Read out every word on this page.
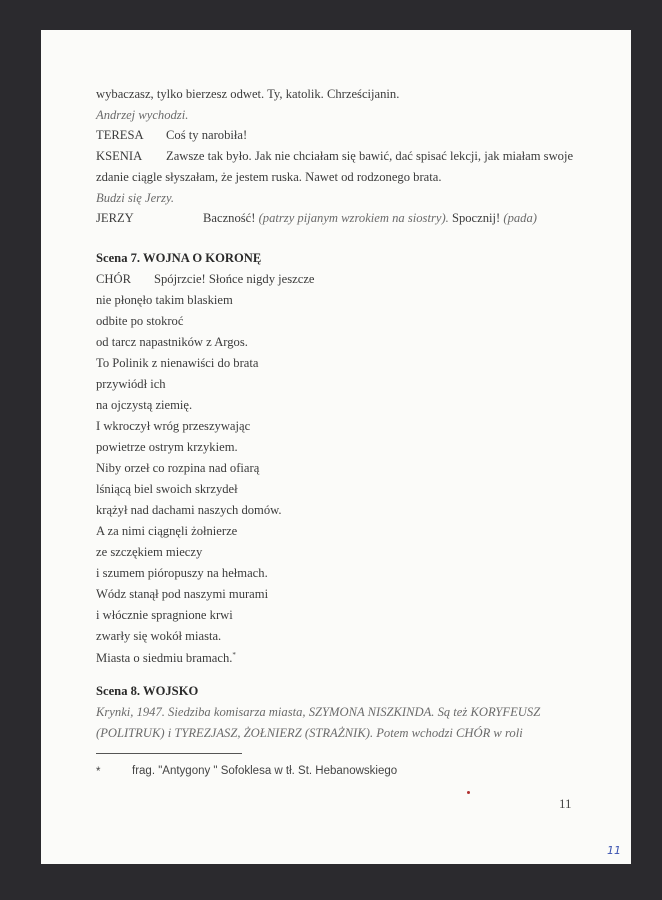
wybaczasz, tylko bierzesz odwet. Ty, katolik. Chrześcijanin.
Andrzej wychodzi.
TERESA Coś ty narobiła!
KSENIA Zawsze tak było. Jak nie chciałam się bawić, dać spisać lekcji, jak miałam swoje
zdanie ciągle słyszałam, że jestem ruska. Nawet od rodzonego brata.
Budzi się Jerzy.
JERZY	Baczność! (patrzy pijanym wzrokiem na siostry). Spocznij! (pada)
Scena 7. WOJNA O KORONĘ
CHÓR Spójrzcie! Słońce nigdy jeszcze
nie płonęło takim blaskiem
odbite po stokroć
od tarcz napastników z Argos.
To Polinik z nienawiści do brata
przywiódł ich
na ojczystą ziemię.
I wkroczył wróg przeszywając
powietrze ostrym krzykiem.
Niby orzeł co rozpina nad ofiarą
lśniącą biel swoich skrzydeł
krążył nad dachami naszych domów.
A za nimi ciągnęli żołnierze
ze szczękiem mieczy
i szumem pióropuszy na hełmach.
Wódz stanął pod naszymi murami
i włócznie spragnione krwi
zwarły się wokół miasta.
Miasta o siedmiu bramach.*
Scena 8. WOJSKO
Krynki, 1947. Siedziba komisarza miasta, SZYMONA NISZKINDA. Są też KORYFEUSZ
(POLITRUK) i TYREZJASZ, ŻOŁNIERZ (STRAŻNIK). Potem wchodzi CHÓR w roli
*	frag. "Antygony " Sofoklesa w tł. St. Hebanowskiego
11
11
